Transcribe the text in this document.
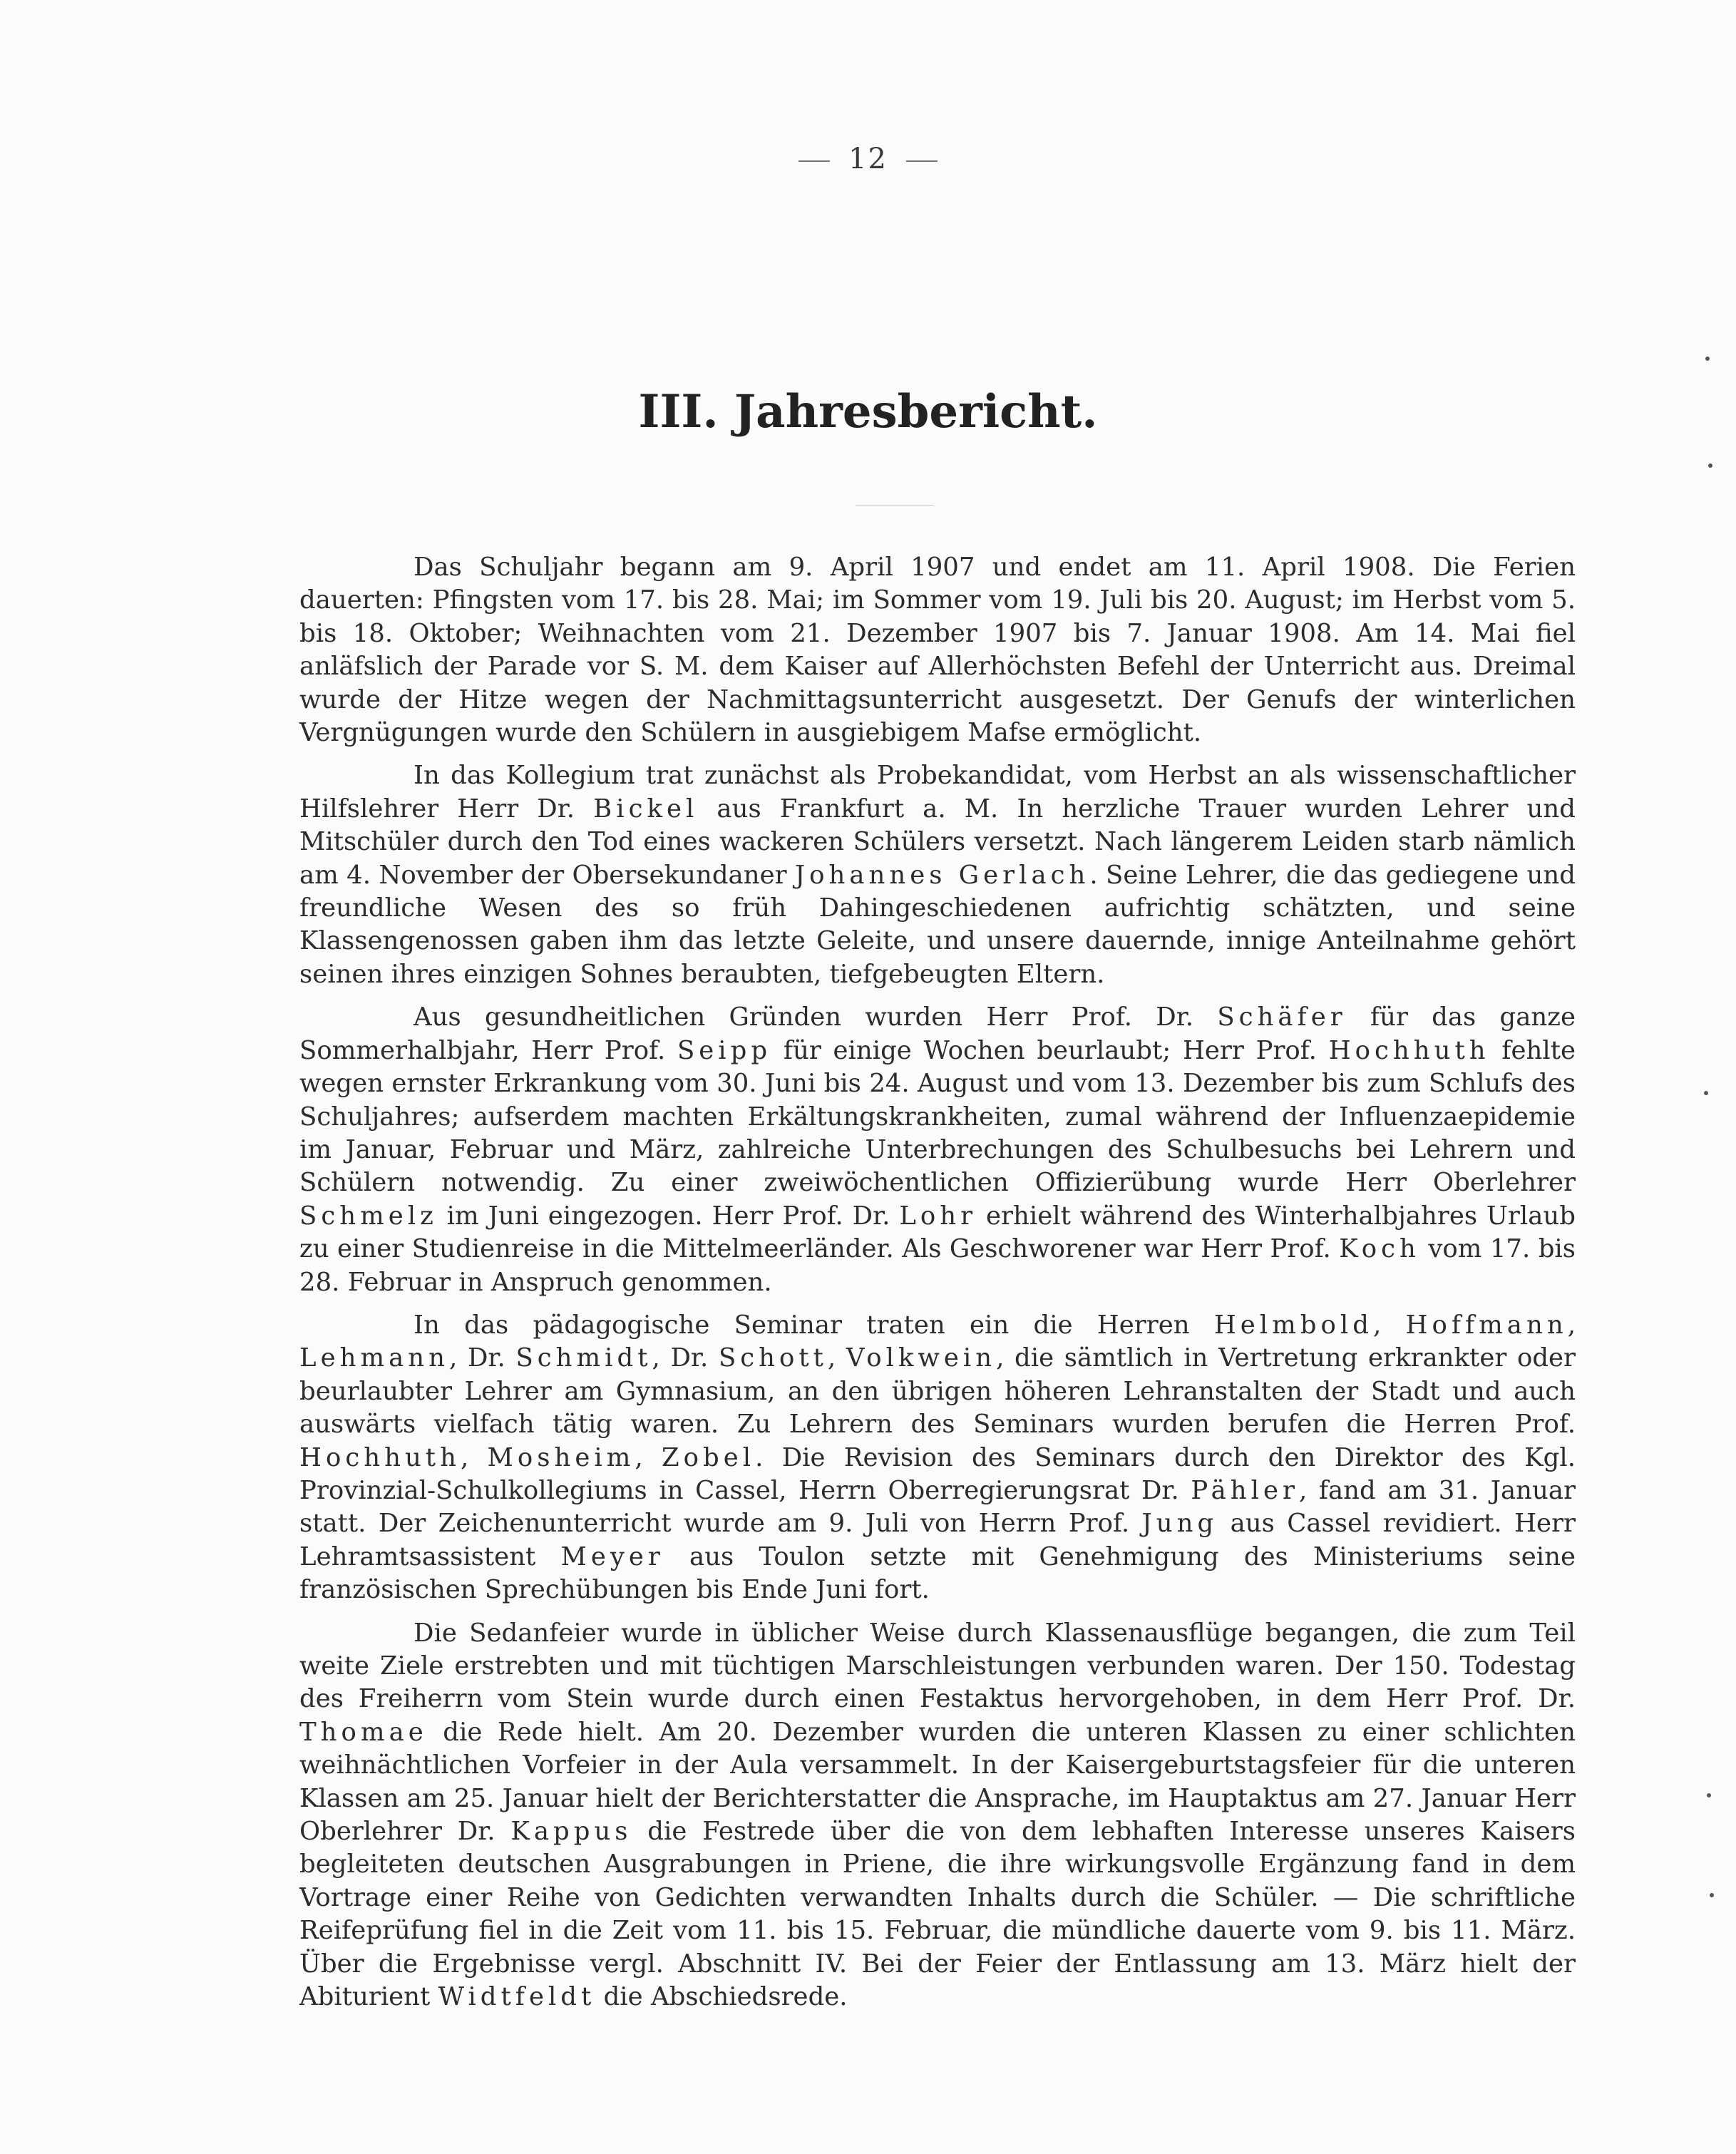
12
III. Jahresbericht.

Das Schuljahr begann am 9. April 1907 und endet am 11. April 1908. Die Ferien dauerten: Pfingsten vom 17. bis 28. Mai; im Sommer vom 19. Juli bis 20. August; im Herbst vom 5. bis 18. Oktober; Weihnachten vom 21. Dezember 1907 bis 7. Januar 1908. Am 14. Mai fiel anläfslich der Parade vor S. M. dem Kaiser auf Allerhöchsten Befehl der Unterricht aus. Dreimal wurde der Hitze wegen der Nachmittagsunterricht ausgesetzt. Der Genufs der winterlichen Vergnügungen wurde den Schülern in ausgiebigem Mafse ermöglicht.

In das Kollegium trat zunächst als Probekandidat, vom Herbst an als wissenschaftlicher Hilfslehrer Herr Dr. Bickel aus Frankfurt a. M. In herzliche Trauer wurden Lehrer und Mitschüler durch den Tod eines wackeren Schülers versetzt. Nach längerem Leiden starb nämlich am 4. November der Obersekundaner Johannes Gerlach. Seine Lehrer, die das gediegene und freundliche Wesen des so früh Dahingeschiedenen aufrichtig schätzten, und seine Klassengenossen gaben ihm das letzte Geleite, und unsere dauernde, innige Anteilnahme gehört seinen ihres einzigen Sohnes beraubten, tiefgebeugten Eltern.

Aus gesundheitlichen Gründen wurden Herr Prof. Dr. Schäfer für das ganze Sommerhalbjahr, Herr Prof. Seipp für einige Wochen beurlaubt; Herr Prof. Hochhuth fehlte wegen ernster Erkrankung vom 30. Juni bis 24. August und vom 13. Dezember bis zum Schlufs des Schuljahres; aufserdem machten Erkältungskrankheiten, zumal während der Influenzaepidemie im Januar, Februar und März, zahlreiche Unterbrechungen des Schulbesuchs bei Lehrern und Schülern notwendig. Zu einer zweiwöchentlichen Offizierübung wurde Herr Oberlehrer Schmelz im Juni eingezogen. Herr Prof. Dr. Lohr erhielt während des Winterhalbjahres Urlaub zu einer Studienreise in die Mittelmeerländer. Als Geschworener war Herr Prof. Koch vom 17. bis 28. Februar in Anspruch genommen.

In das pädagogische Seminar traten ein die Herren Helmbold, Hoffmann, Lehmann, Dr. Schmidt, Dr. Schott, Volkwein, die sämtlich in Vertretung erkrankter oder beurlaubter Lehrer am Gymnasium, an den übrigen höheren Lehranstalten der Stadt und auch auswärts vielfach tätig waren. Zu Lehrern des Seminars wurden berufen die Herren Prof. Hochhuth, Mosheim, Zobel. Die Revision des Seminars durch den Direktor des Kgl. Provinzial-Schulkollegiums in Cassel, Herrn Oberregierungsrat Dr. Pähler, fand am 31. Januar statt. Der Zeichenunterricht wurde am 9. Juli von Herrn Prof. Jung aus Cassel revidiert. Herr Lehramtsassistent Meyer aus Toulon setzte mit Genehmigung des Ministeriums seine französischen Sprechübungen bis Ende Juni fort.

Die Sedanfeier wurde in üblicher Weise durch Klassenausflüge begangen, die zum Teil weite Ziele erstrebten und mit tüchtigen Marschleistungen verbunden waren. Der 150. Todestag des Freiherrn vom Stein wurde durch einen Festaktus hervorgehoben, in dem Herr Prof. Dr. Thomae die Rede hielt. Am 20. Dezember wurden die unteren Klassen zu einer schlichten weihnächtlichen Vorfeier in der Aula versammelt. In der Kaisergeburtstagsfeier für die unteren Klassen am 25. Januar hielt der Berichterstatter die Ansprache, im Hauptaktus am 27. Januar Herr Oberlehrer Dr. Kappus die Festrede über die von dem lebhaften Interesse unseres Kaisers begleiteten deutschen Ausgrabungen in Priene, die ihre wirkungsvolle Ergänzung fand in dem Vortrage einer Reihe von Gedichten verwandten Inhalts durch die Schüler. — Die schriftliche Reifeprüfung fiel in die Zeit vom 11. bis 15. Februar, die mündliche dauerte vom 9. bis 11. März. Über die Ergebnisse vergl. Abschnitt IV. Bei der Feier der Entlassung am 13. März hielt der Abiturient Widtfeldt die Abschiedsrede.
